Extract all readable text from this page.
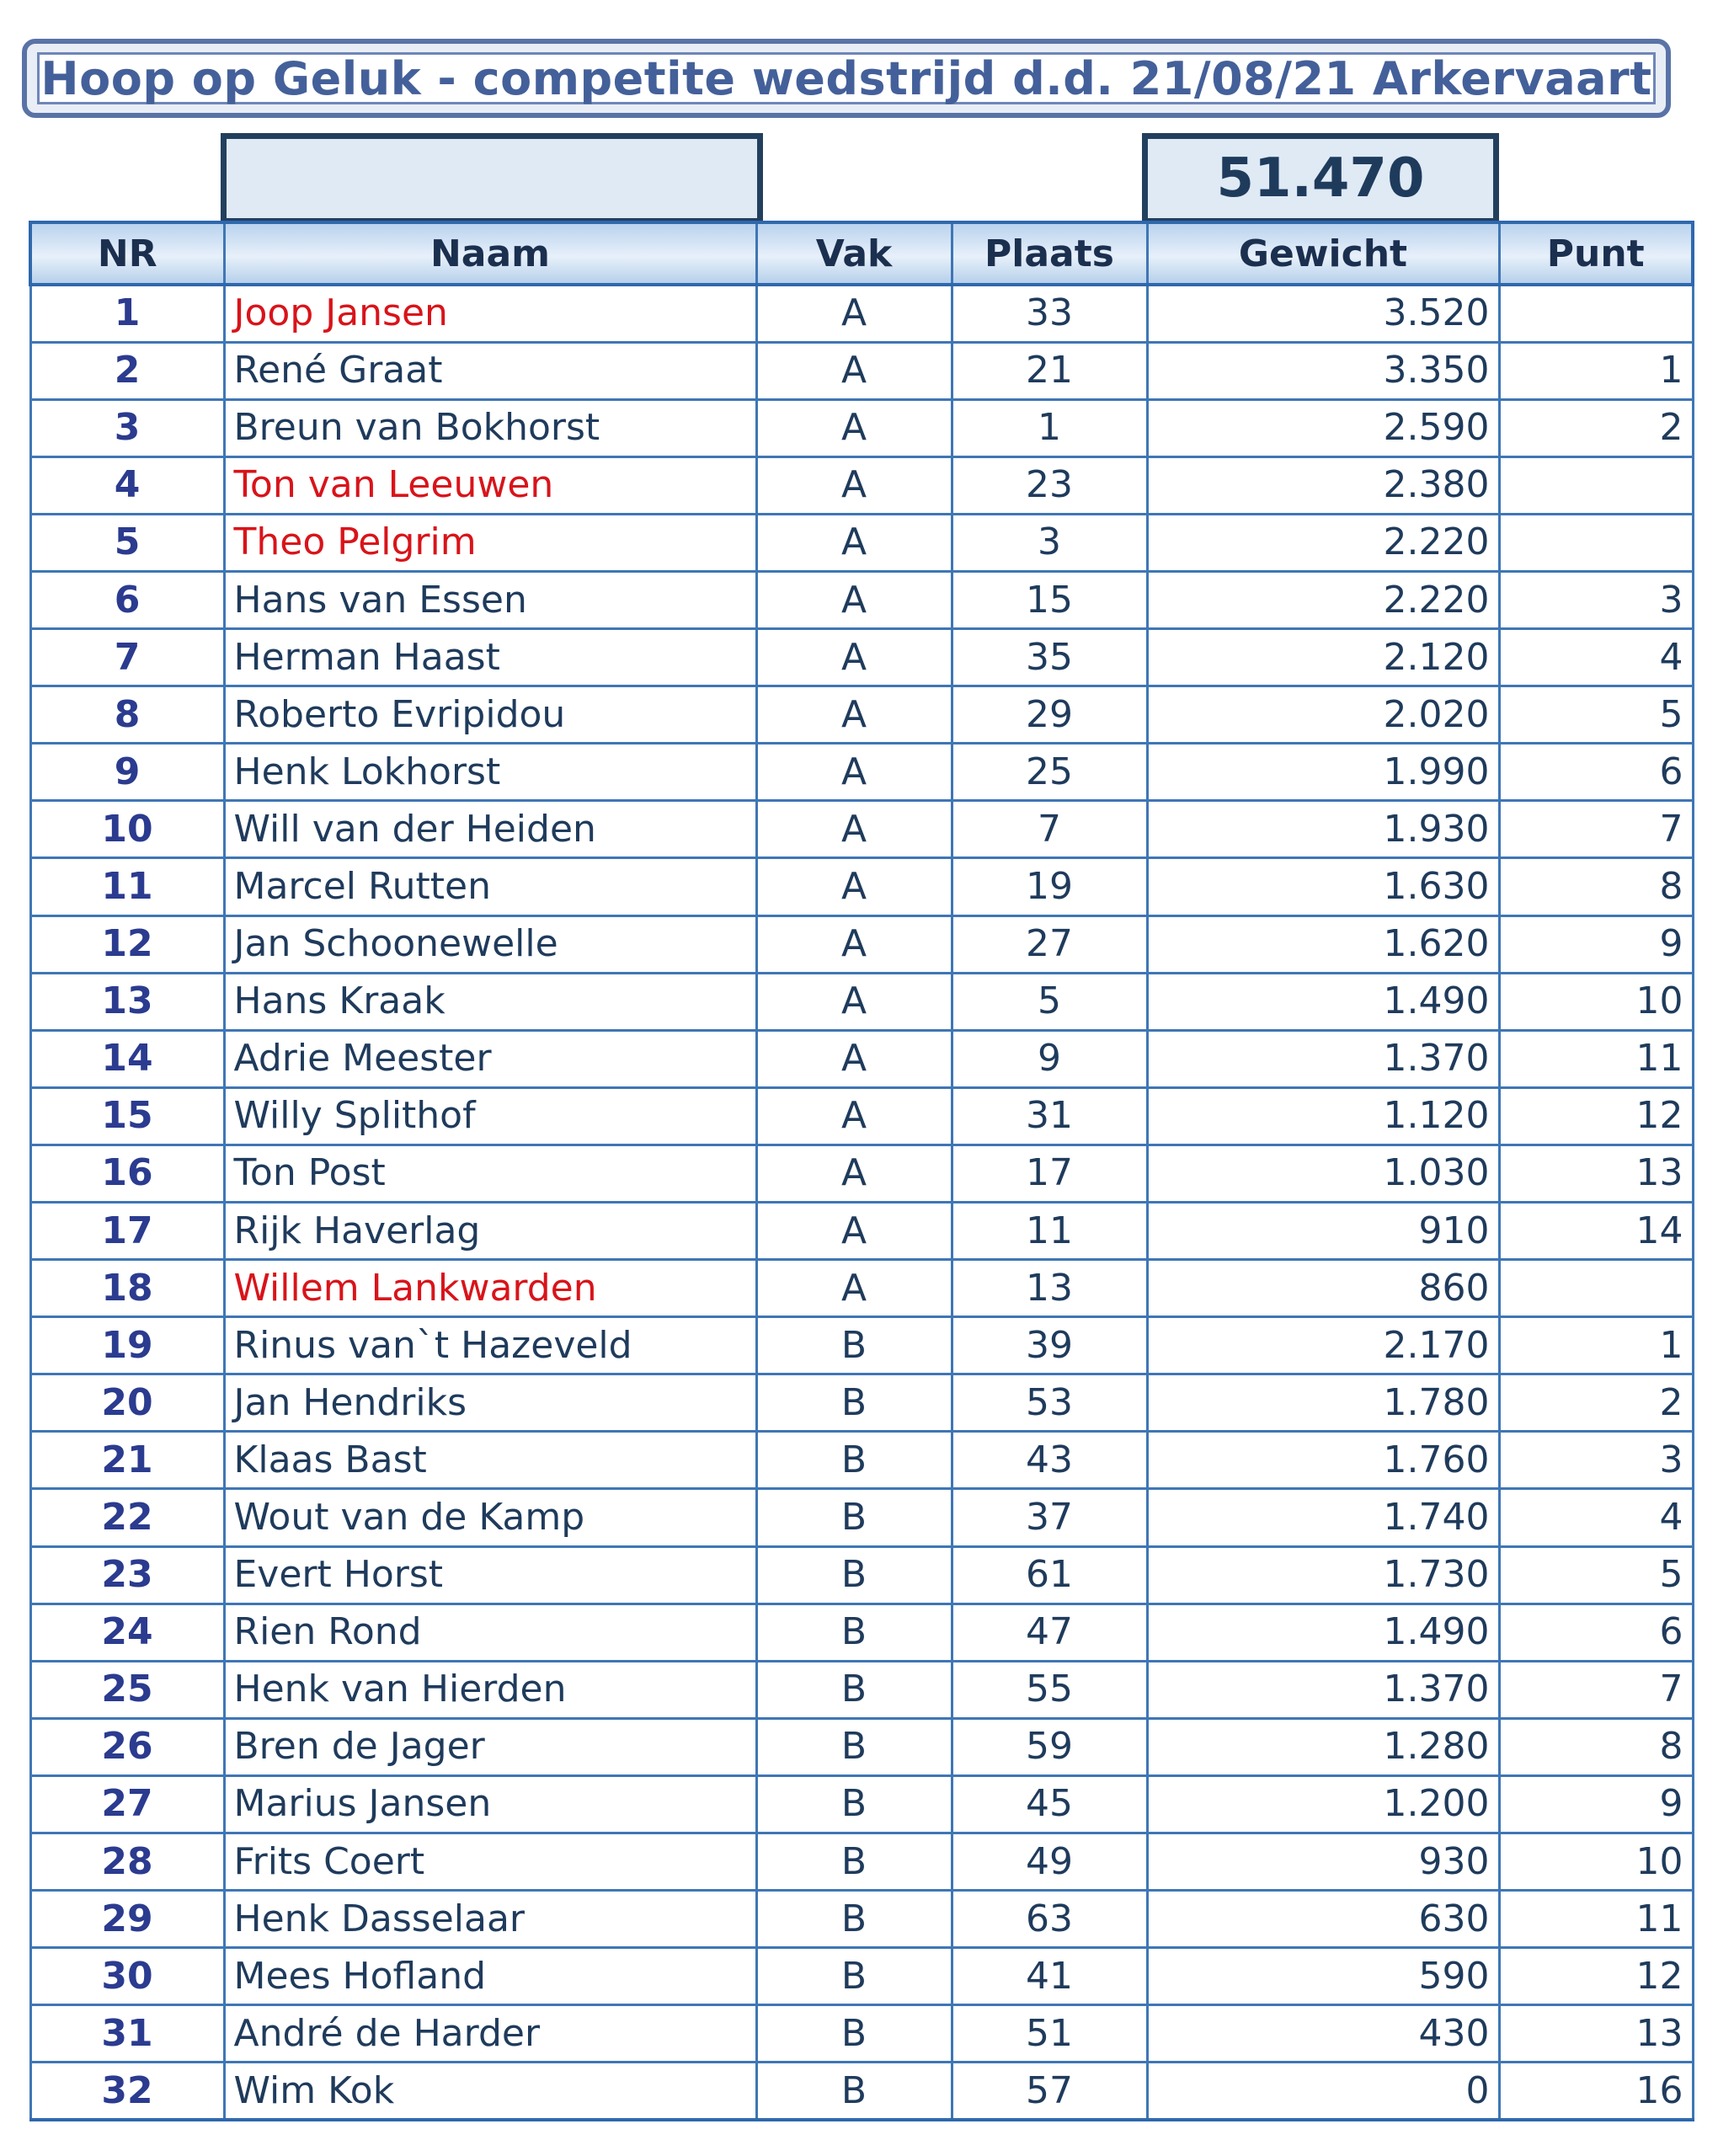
Hoop op Geluk - competite wedstrijd d.d. 21/08/21 Arkervaart
51.470
NR	Naam	Vak	Plaats	Gewicht	Punt
1	Joop Jansen	A	33	3.520	
2	René Graat	A	21	3.350	1
3	Breun van Bokhorst	A	1	2.590	2
4	Ton van Leeuwen	A	23	2.380	
5	Theo Pelgrim	A	3	2.220	
6	Hans van Essen	A	15	2.220	3
7	Herman Haast	A	35	2.120	4
8	Roberto Evripidou	A	29	2.020	5
9	Henk Lokhorst	A	25	1.990	6
10	Will van der Heiden	A	7	1.930	7
11	Marcel Rutten	A	19	1.630	8
12	Jan Schoonewelle	A	27	1.620	9
13	Hans Kraak	A	5	1.490	10
14	Adrie Meester	A	9	1.370	11
15	Willy Splithof	A	31	1.120	12
16	Ton Post	A	17	1.030	13
17	Rijk Haverlag	A	11	910	14
18	Willem Lankwarden	A	13	860	
19	Rinus van`t Hazeveld	B	39	2.170	1
20	Jan Hendriks	B	53	1.780	2
21	Klaas Bast	B	43	1.760	3
22	Wout van de Kamp	B	37	1.740	4
23	Evert Horst	B	61	1.730	5
24	Rien Rond	B	47	1.490	6
25	Henk van Hierden	B	55	1.370	7
26	Bren de Jager	B	59	1.280	8
27	Marius Jansen	B	45	1.200	9
28	Frits Coert	B	49	930	10
29	Henk Dasselaar	B	63	630	11
30	Mees Hofland	B	41	590	12
31	André de Harder	B	51	430	13
32	Wim Kok	B	57	0	16
